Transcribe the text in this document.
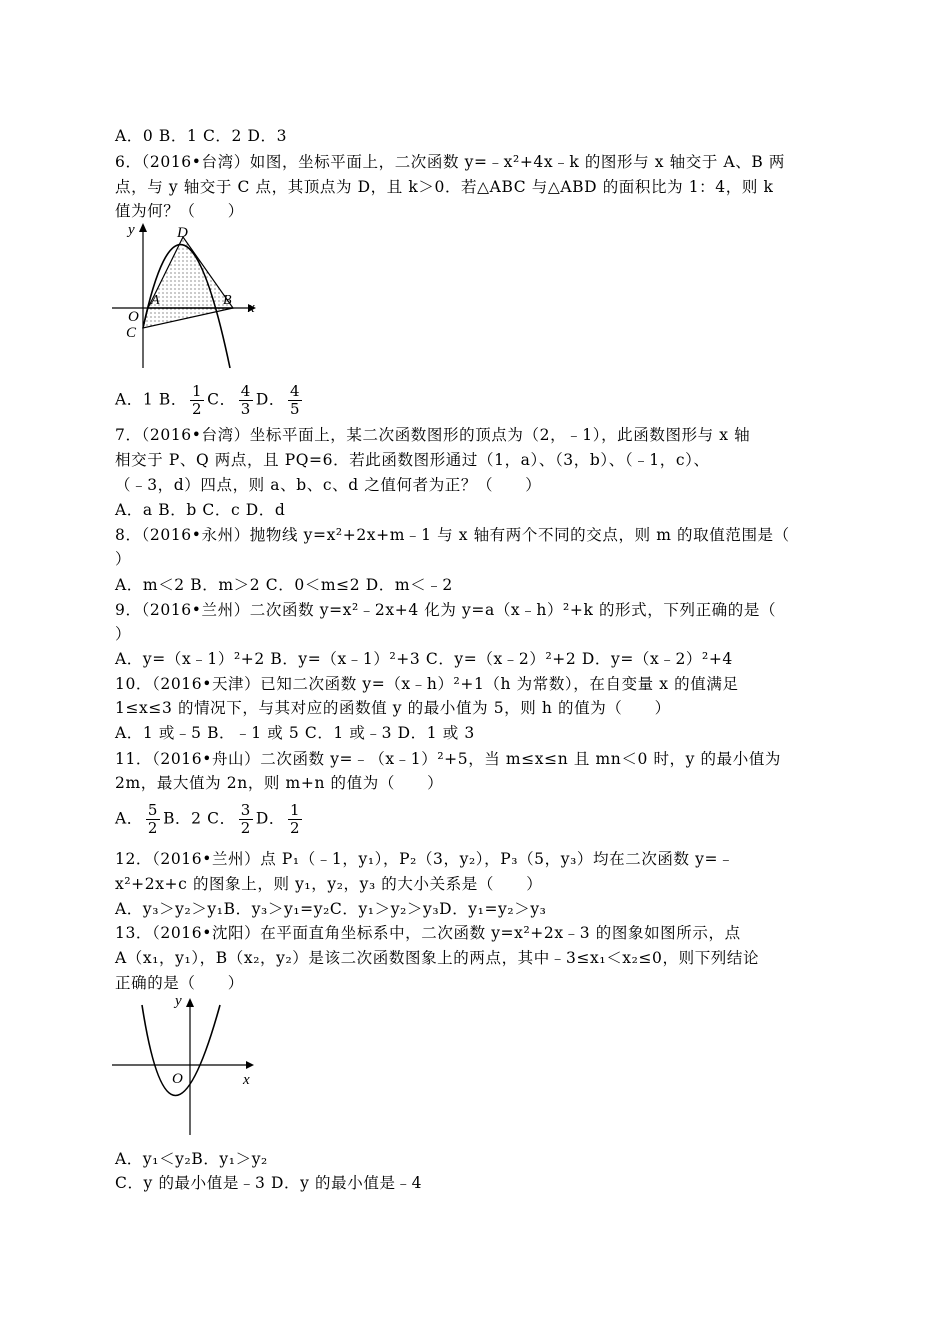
A．0 B．1 C．2 D．3
6．（2016•台湾）如图，坐标平面上，二次函数 y=﹣x²+4x﹣k 的图形与 x 轴交于 A、B 两
点，与 y 轴交于 C 点，其顶点为 D，且 k＞0．若△ABC 与△ABD 的面积比为 1：4，则 k
值为何？（　　）
y	D
A	B x
O
C
A．1 B． $\frac{1}{2}$ C． $\frac{4}{3}$ D． $\frac{4}{5}$
7．（2016•台湾）坐标平面上，某二次函数图形的顶点为（2，﹣1），此函数图形与 x 轴
相交于 P、Q 两点，且 PQ=6．若此函数图形通过（1，a）、（3，b）、（﹣1，c）、
（﹣3，d）四点，则 a、b、c、d 之值何者为正？（　　）
A．a B．b C．c D．d
8．（2016•永州）抛物线 y=x²+2x+m﹣1 与 x 轴有两个不同的交点，则 m 的取值范围是（
）
A．m＜2 B．m＞2 C．0＜m≤2 D．m＜﹣2
9．（2016•兰州）二次函数 y=x²﹣2x+4 化为 y=a（x﹣h）²+k 的形式，下列正确的是（
）
A．y=（x﹣1）²+2 B．y=（x﹣1）²+3 C．y=（x﹣2）²+2 D．y=（x﹣2）²+4
10．（2016•天津）已知二次函数 y=（x﹣h）²+1（h 为常数），在自变量 x 的值满足
1≤x≤3 的情况下，与其对应的函数值 y 的最小值为 5，则 h 的值为（　　）
A．1 或﹣5 B．﹣1 或 5 C．1 或﹣3 D．1 或 3
11．（2016•舟山）二次函数 y=﹣（x﹣1）²+5，当 m≤x≤n 且 mn＜0 时，y 的最小值为
2m，最大值为 2n，则 m+n 的值为（　　）
A． $\frac{5}{2}$ B．2 C． $\frac{3}{2}$ D． $\frac{1}{2}$
12．（2016•兰州）点 P₁（﹣1，y₁），P₂（3，y₂），P₃（5，y₃）均在二次函数 y=﹣
x²+2x+c 的图象上，则 y₁，y₂，y₃ 的大小关系是（　　）
A．y₃＞y₂＞y₁B．y₃＞y₁=y₂C．y₁＞y₂＞y₃D．y₁=y₂＞y₃
13．（2016•沈阳）在平面直角坐标系中，二次函数 y=x²+2x﹣3 的图象如图所示，点
A（x₁，y₁），B（x₂，y₂）是该二次函数图象上的两点，其中﹣3≤x₁＜x₂≤0，则下列结论
正确的是（　　）
y
O	x
A．y₁＜y₂B．y₁＞y₂
C．y 的最小值是﹣3 D．y 的最小值是﹣4
